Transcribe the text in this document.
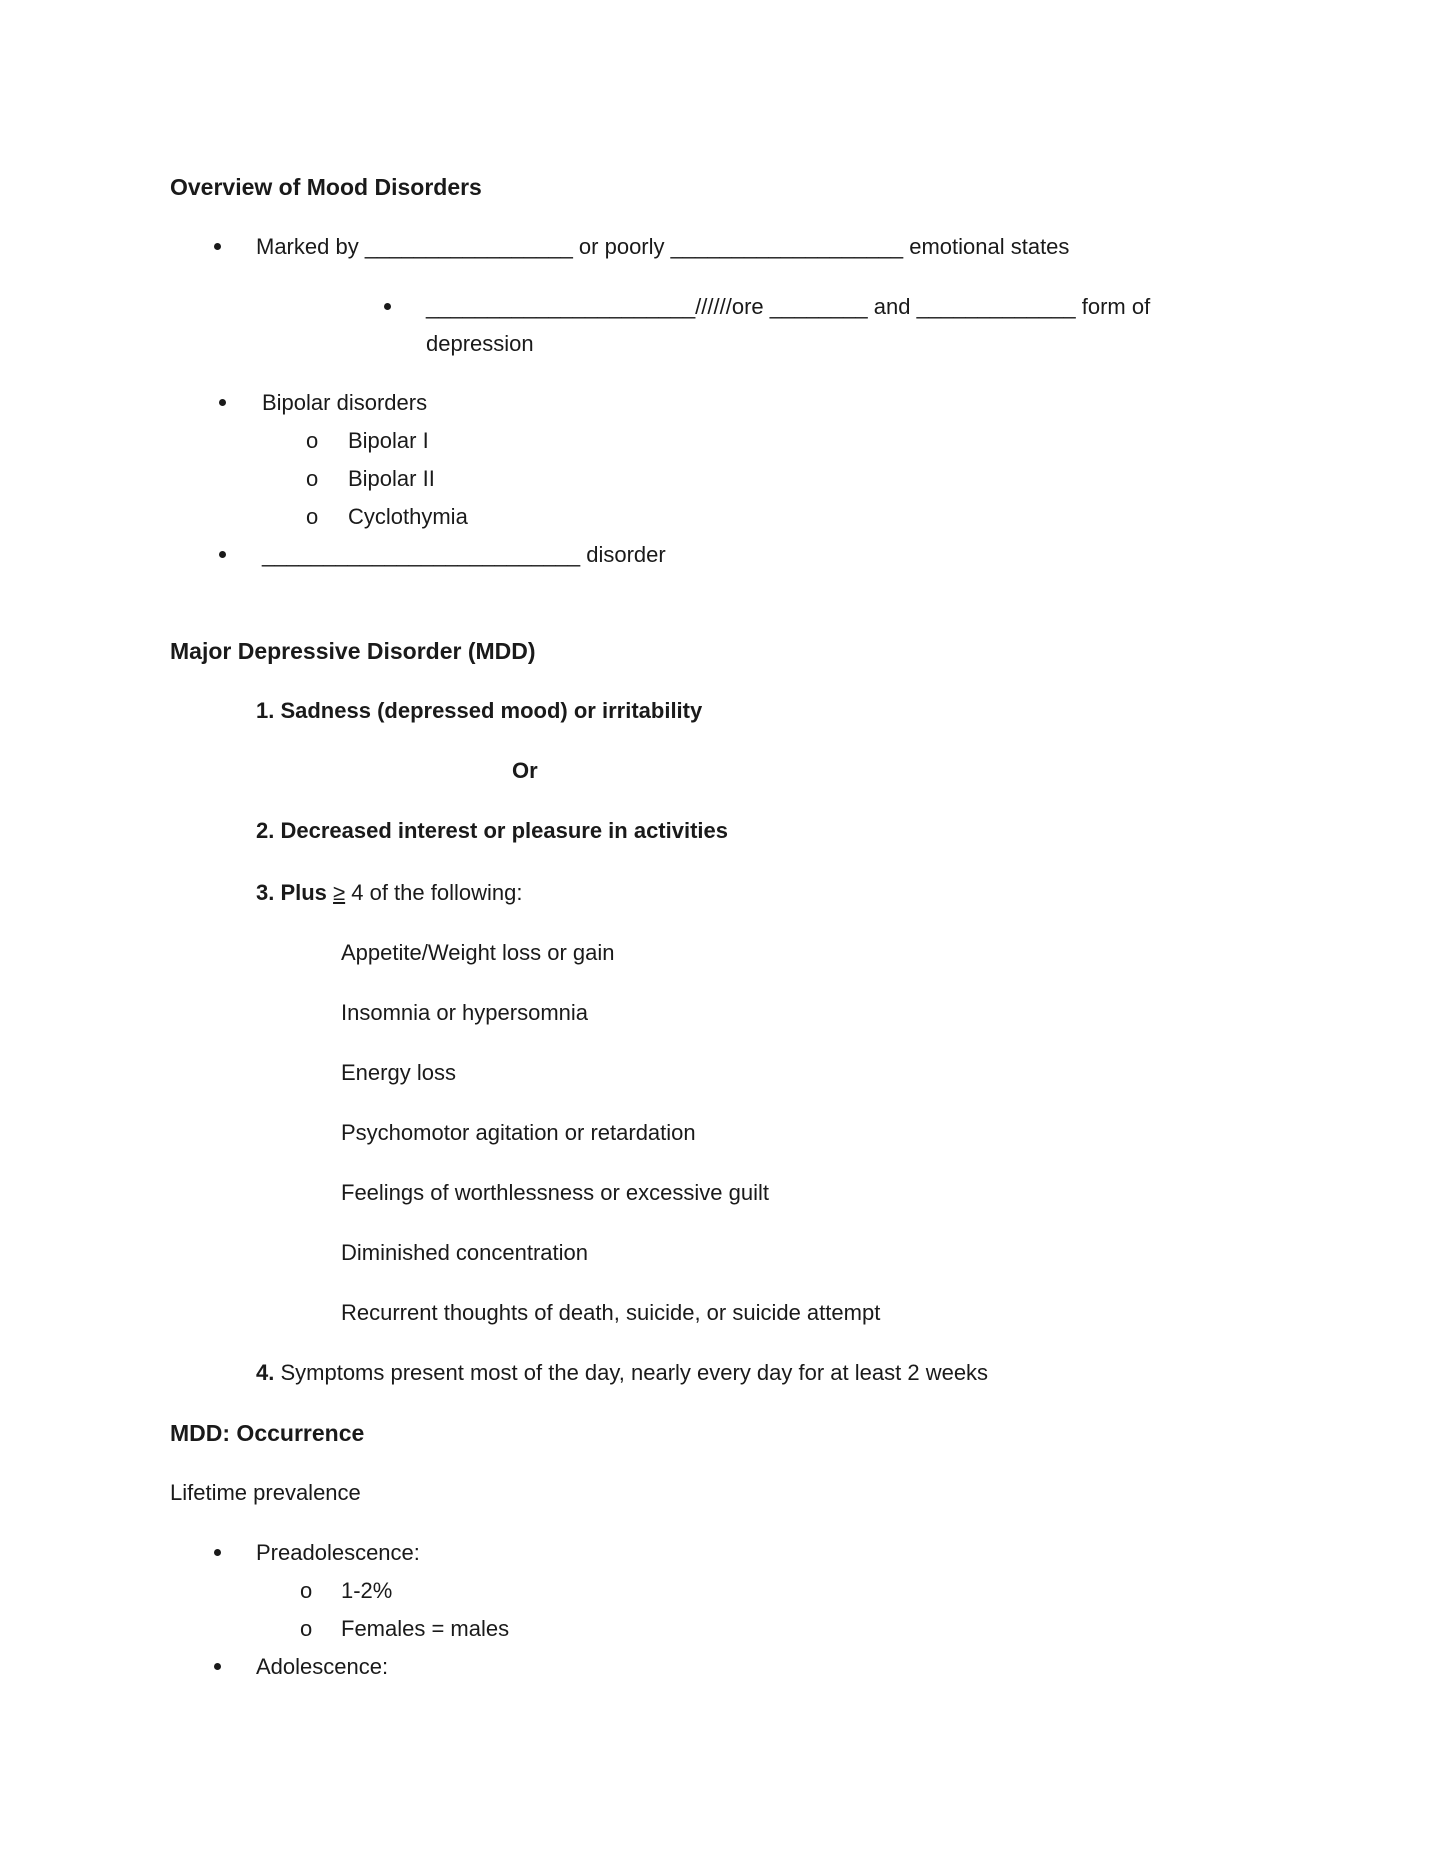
Overview of Mood Disorders
Marked by _________________ or poorly ___________________ emotional states
______________________//////ore ________ and _____________ form of
depression
Bipolar disorders
o Bipolar I
o Bipolar II
o Cyclothymia
__________________________ disorder
Major Depressive Disorder (MDD)
1. Sadness (depressed mood) or irritability
Or
2. Decreased interest or pleasure in activities
3. Plus ≥ 4 of the following:
Appetite/Weight loss or gain
Insomnia or hypersomnia
Energy loss
Psychomotor agitation or retardation
Feelings of worthlessness or excessive guilt
Diminished concentration
Recurrent thoughts of death, suicide, or suicide attempt
4. Symptoms present most of the day, nearly every day for at least 2 weeks
MDD: Occurrence
Lifetime prevalence
Preadolescence:
o 1-2%
o Females = males
Adolescence:
